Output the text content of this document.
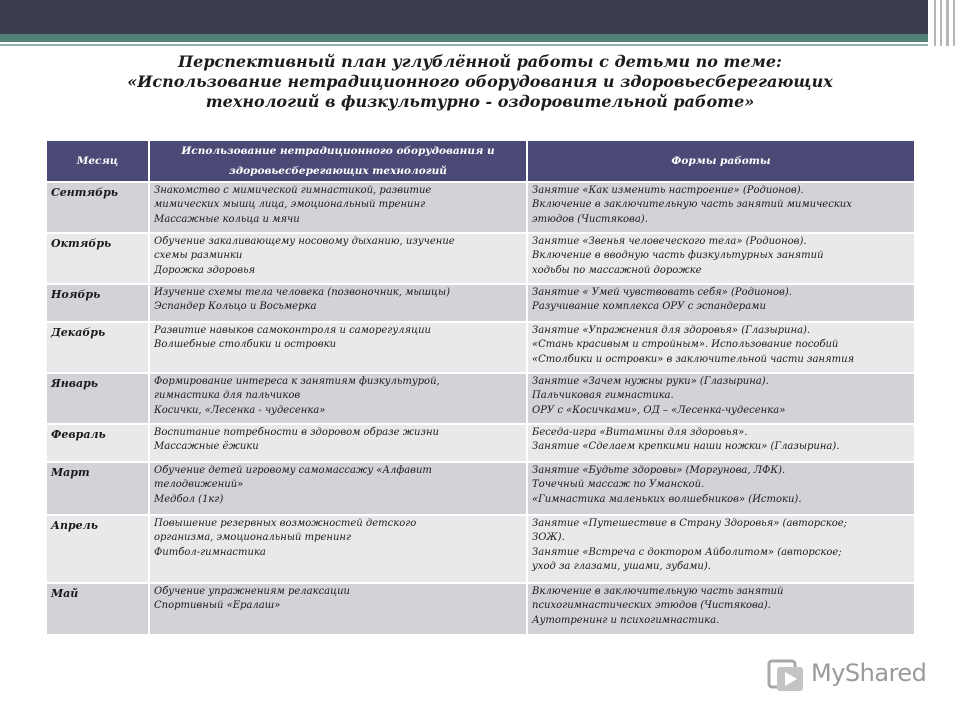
Перспективный план углублённой работы с детьми по теме:
«Использование нетрадиционного оборудования и здоровьесберегающих
технологий в физкультурно - оздоровительной работе»
Месяц	Использование нетрадиционного оборудования и здоровьесберегающих технологий	Формы работы
Сентябрь	Знакомство с мимической гимнастикой, развитие
мимических мышц лица, эмоциональный тренинг
Массажные кольца и мячи	Занятие «Как изменить настроение» (Родионов).
Включение в заключительную часть занятий мимических
этюдов (Чистякова).
Октябрь	Обучение закаливающему носовому дыханию, изучение
схемы разминки
Дорожка здоровья	Занятие «Звенья человеческого тела» (Родионов).
Включение в вводную часть физкультурных занятий
ходьбы по массажной дорожке
Ноябрь	Изучение схемы тела человека (позвоночник, мышцы)
Эспандер Кольцо и Восьмерка	Занятие « Умей чувствовать себя» (Родионов).
Разучивание комплекса ОРУ с эспандерами
Декабрь	Развитие навыков самоконтроля и саморегуляции
Волшебные столбики и островки	Занятие «Упражнения для здоровья» (Глазырина).
«Стань красивым и стройным». Использование пособий
«Столбики и островки» в заключительной части занятия
Январь	Формирование интереса к занятиям физкультурой,
гимнастика для пальчиков
Косички, «Лесенка - чудесенка»	Занятие «Зачем нужны руки» (Глазырина).
Пальчиковая гимнастика.
ОРУ с «Косичками», ОД – «Лесенка-чудесенка»
Февраль	Воспитание потребности в здоровом образе жизни
Массажные ёжики	Беседа-игра «Витамины для здоровья».
Занятие «Сделаем крепкими наши ножки» (Глазырина).
Март	Обучение детей игровому самомассажу «Алфавит
телодвижений»
Медбол (1кг)	Занятие «Будьте здоровы» (Моргунова, ЛФК).
Точечный массаж по Уманской.
«Гимнастика маленьких волшебников» (Истоки).
Апрель	Повышение резервных возможностей детского
организма, эмоциональный тренинг
Фитбол-гимнастика	Занятие «Путешествие в Страну Здоровья» (авторское;
ЗОЖ).
Занятие «Встреча с доктором Айболитом» (авторское;
уход за глазами, ушами, зубами).
Май	Обучение упражнениям релаксации
Спортивный «Ералаш»	Включение в заключительную часть занятий
психогимнастических этюдов (Чистякова).
Аутотренинг и психогимнастика.
MyShared
